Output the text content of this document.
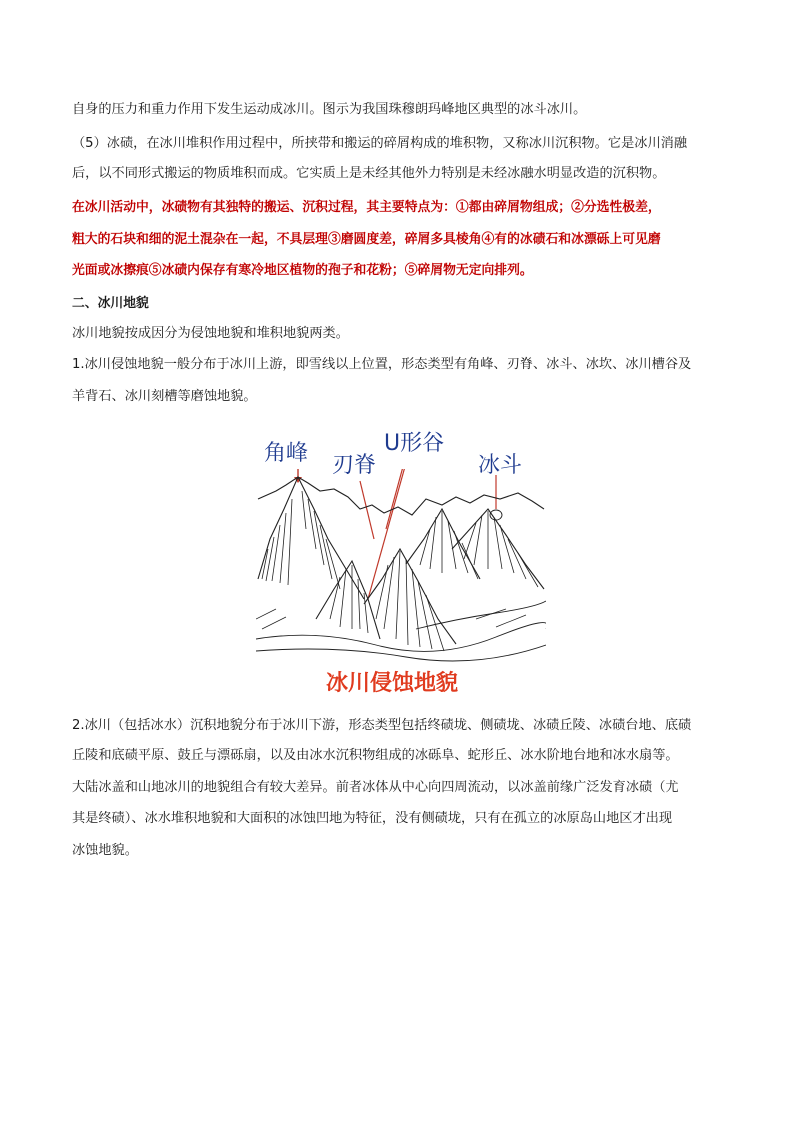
自身的压力和重力作用下发生运动成冰川。图示为我国珠穆朗玛峰地区典型的冰斗冰川。

（5）冰碛，在冰川堆积作用过程中，所挟带和搬运的碎屑构成的堆积物，又称冰川沉积物。它是冰川消融

后，以不同形式搬运的物质堆积而成。它实质上是未经其他外力特别是未经冰融水明显改造的沉积物。

在冰川活动中，冰碛物有其独特的搬运、沉积过程，其主要特点为：①都由碎屑物组成；②分选性极差，

粗大的石块和细的泥土混杂在一起，不具层理③磨圆度差，碎屑多具棱角④有的冰碛石和冰漂砾上可见磨

光面或冰擦痕⑤冰碛内保存有寒冷地区植物的孢子和花粉；⑤碎屑物无定向排列。

二、冰川地貌

冰川地貌按成因分为侵蚀地貌和堆积地貌两类。

1.冰川侵蚀地貌一般分布于冰川上游，即雪线以上位置，形态类型有角峰、刃脊、冰斗、冰坎、冰川槽谷及

羊背石、冰川刻槽等磨蚀地貌。

角峰 刃脊
U形谷
冰斗
冰川侵蚀地貌

2.冰川（包括冰水）沉积地貌分布于冰川下游，形态类型包括终碛垅、侧碛垅、冰碛丘陵、冰碛台地、底碛

丘陵和底碛平原、鼓丘与漂砾扇，以及由冰水沉积物组成的冰砾阜、蛇形丘、冰水阶地台地和冰水扇等。

大陆冰盖和山地冰川的地貌组合有较大差异。前者冰体从中心向四周流动，以冰盖前缘广泛发育冰碛（尤

其是终碛）、冰水堆积地貌和大面积的冰蚀凹地为特征，没有侧碛垅，只有在孤立的冰原岛山地区才出现

冰蚀地貌。
